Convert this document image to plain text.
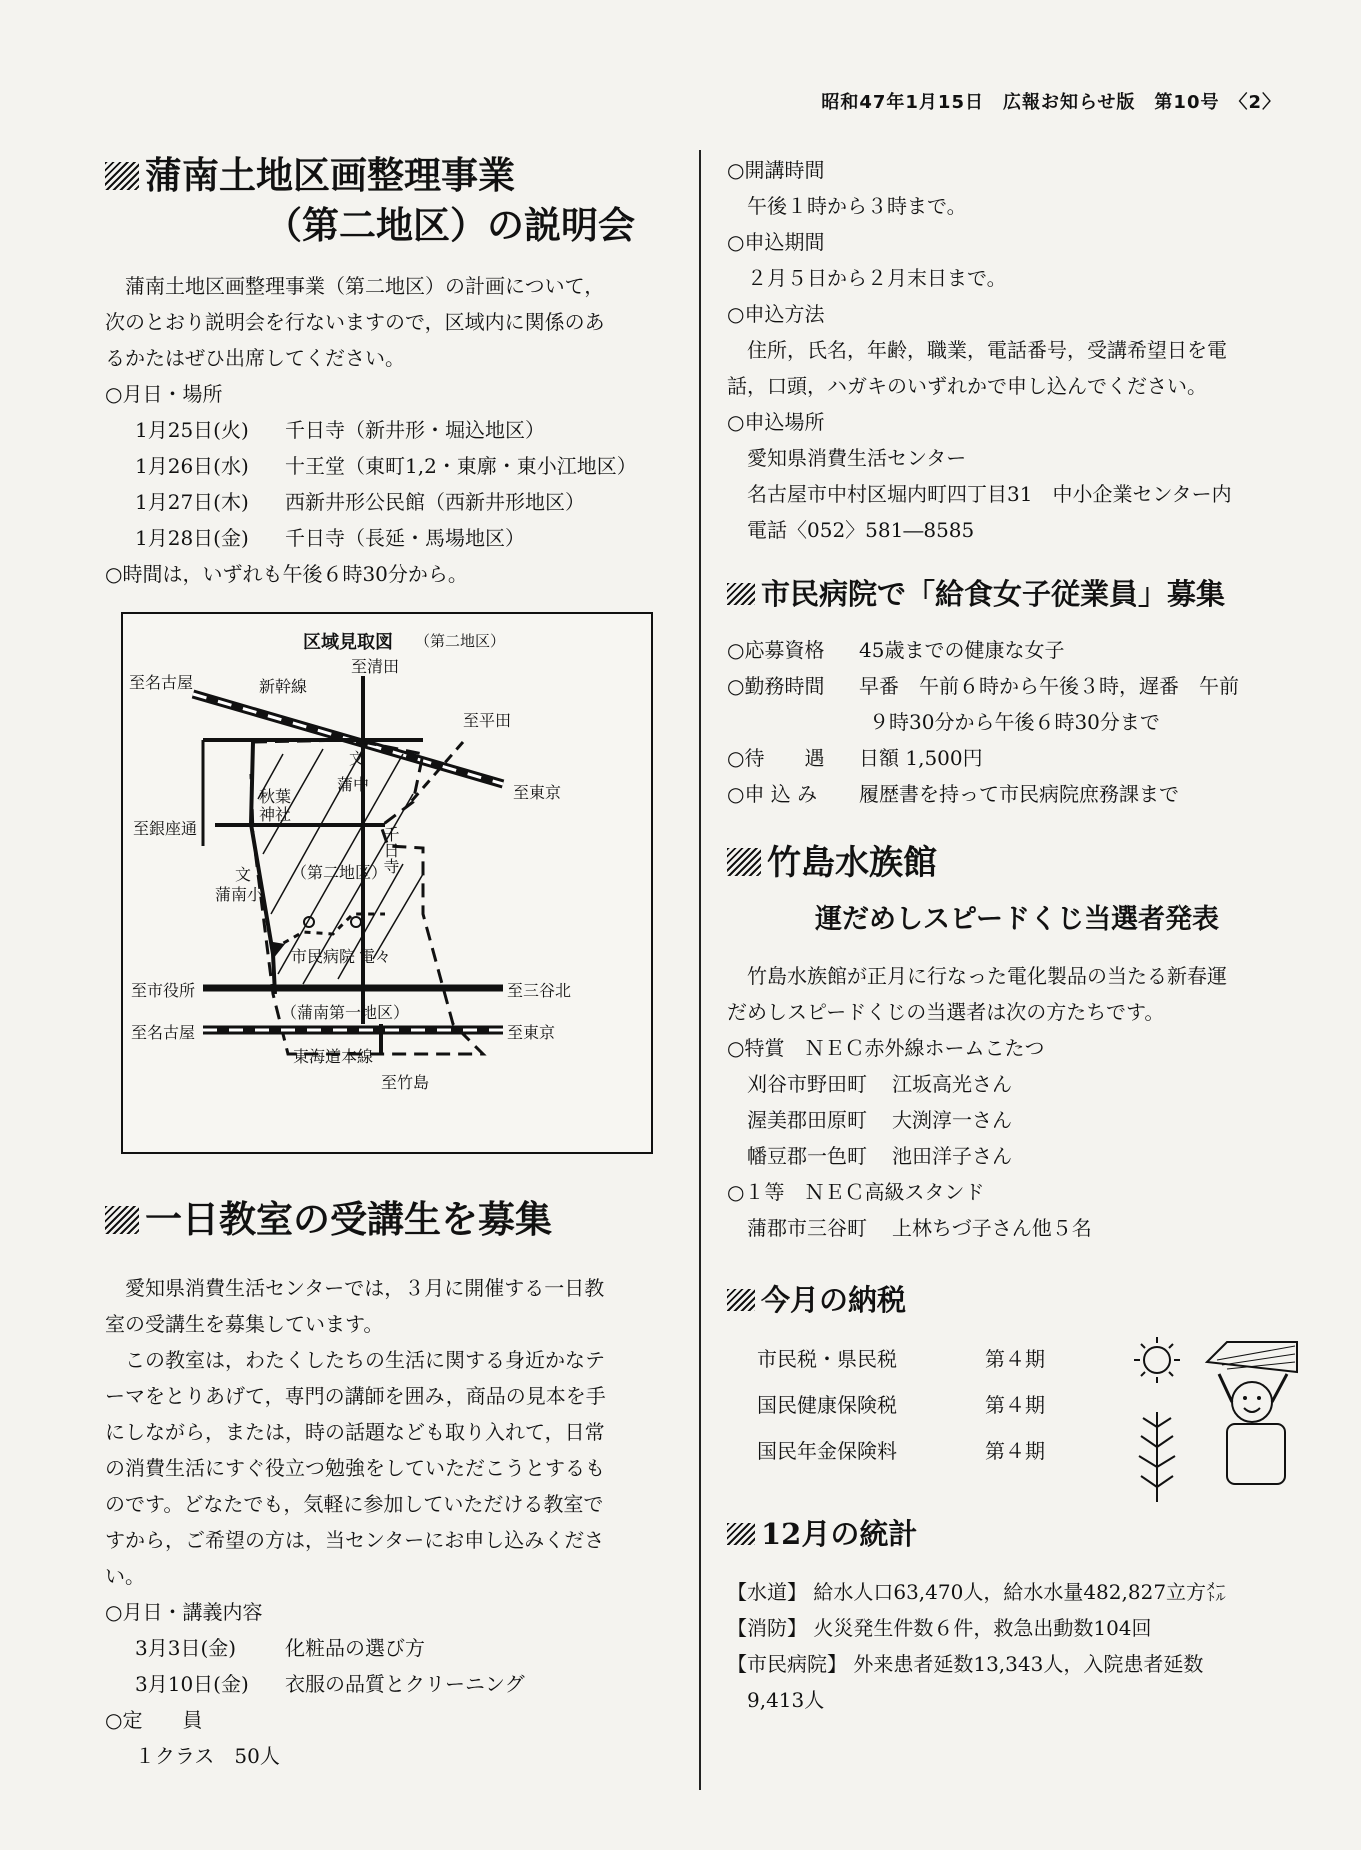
昭和47年1月15日　広報お知らせ版　第10号　〈2〉
蒲南土地区画整理事業
（第二地区）の説明会

蒲南土地区画整理事業（第二地区）の計画について，

次のとおり説明会を行ないますので，区域内に関係のあ

るかたはぜひ出席してください。

○月日・場所

1月25日(火) 千日寺（新井形・堀込地区）

1月26日(水) 十王堂（東町1,2・東廓・東小江地区）

1月27日(木) 西新井形公民館（西新井形地区）

1月28日(金) 千日寺（長延・馬場地区）

○時間は，いずれも午後６時30分から。

区域見取図 （第二地区）
至名古屋	新幹線
至清田
至平田
至東京
文
蒲中
秋葉
神社
至銀座通	千日寺
文
蒲南小
（第二地区）
市民病院 電々
至市役所	至三谷北
（蒲南第一地区）
至名古屋	至東京
東海道本線
至竹島
一日教室の受講生を募集

愛知県消費生活センターでは，３月に開催する一日教

室の受講生を募集しています。

この教室は，わたくしたちの生活に関する身近かなテ

ーマをとりあげて，専門の講師を囲み，商品の見本を手

にしながら，または，時の話題なども取り入れて，日常

の消費生活にすぐ役立つ勉強をしていただこうとするも

のです。どなたでも，気軽に参加していただける教室で

すから，ご希望の方は，当センターにお申し込みくださ

い。

○月日・講義内容

3月3日(金) 化粧品の選び方

3月10日(金) 衣服の品質とクリーニング

○定　　員

１クラス　50人

○開講時間

午後１時から３時まで。

○申込期間

２月５日から２月末日まで。

○申込方法

住所，氏名，年齢，職業，電話番号，受講希望日を電

話，口頭，ハガキのいずれかで申し込んでください。

○申込場所

愛知県消費生活センター

名古屋市中村区堀内町四丁目31　中小企業センター内

電話〈052〉581―8585

市民病院で「給食女子従業員」募集

○応募資格 45歳までの健康な女子

○勤務時間 早番　午前６時から午後３時，遅番　午前

９時30分から午後６時30分まで

○待　　遇 日額 1,500円

○申 込 み 履歴書を持って市民病院庶務課まで

竹島水族館
運だめしスピードくじ当選者発表

竹島水族館が正月に行なった電化製品の当たる新春運

だめしスピードくじの当選者は次の方たちです。

○特賞　ＮＥＣ赤外線ホームこたつ

刈谷市野田町 江坂高光さん

渥美郡田原町 大渕淳一さん

幡豆郡一色町 池田洋子さん

○１等　ＮＥＣ高級スタンド

蒲郡市三谷町 上林ちづ子さん他５名

今月の納税
市民税・県民税	第４期
国民健康保険税	第４期
国民年金保険料	第４期
12月の統計

【水道】 給水人口63,470人，給水水量482,827立方㍍

【消防】 火災発生件数６件，救急出動数104回

【市民病院】 外来患者延数13,343人，入院患者延数

9,413人
